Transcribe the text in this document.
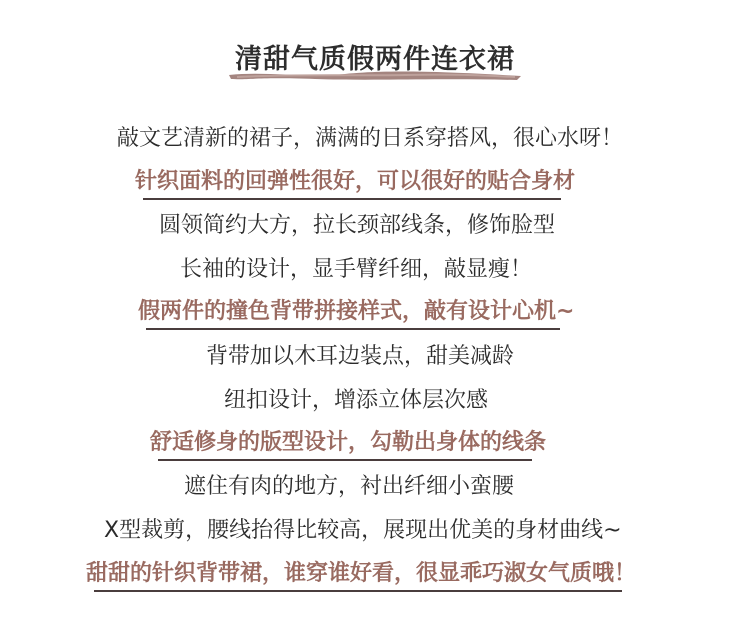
清甜气质假两件连衣裙
敲文艺清新的裙子，满满的日系穿搭风，很心水呀！
针织面料的回弹性很好，可以很好的贴合身材
圆领简约大方，拉长颈部线条，修饰脸型
长袖的设计，显手臂纤细，敲显瘦！
假两件的撞色背带拼接样式，敲有设计心机~
背带加以木耳边装点，甜美减龄
纽扣设计，增添立体层次感
舒适修身的版型设计，勾勒出身体的线条
遮住有肉的地方，衬出纤细小蛮腰
X型裁剪，腰线抬得比较高，展现出优美的身材曲线~
甜甜的针织背带裙，谁穿谁好看，很显乖巧淑女气质哦！
